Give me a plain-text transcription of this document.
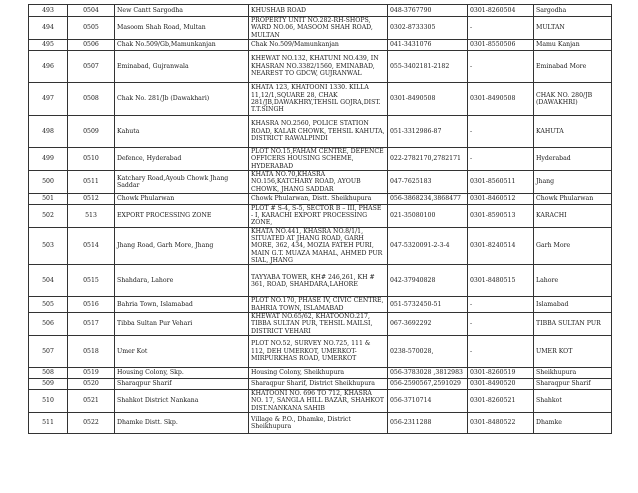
493	0504	New Cantt Sargodha	KHUSHAB ROAD	048-3767790	0301-8260504	Sargodha
494	0505	Masoom Shah Road, Multan	PROPERTY UNIT NO.282-RH-SHOPS, WARD NO.06, MASOOM SHAH ROAD, MULTAN	0302-8733305	-	MULTAN
495	0506	Chak No.509/Gb,Mamunkanjan	Chak No.509/Mamunkanjan	041-3431076	0301-8550506	Mamu Kanjan
496	0507	Eminabad, Gujranwala	KHEWAT NO.132, KHATUNI NO.439, IN KHASRAN NO.3382/1560, EMINABAD, NEAREST TO GDCW, GUJRANWAL	055-3402181-2182	-	Eminabad More
497	0508	Chak No. 281/Jb (Dawakhari)	KHATA 123, KHATOONI 1330. KILLA 11,12/1,SQUARE 28, CHAK 281/JB,DAWAKHRY,TEHSIL GOJRA,DIST. T.T.SINGH	0301-8490508	0301-8490508	CHAK NO. 280/JB (DAWAKHRI)
498	0509	Kahuta	KHASRA NO.2560, POLICE STATION ROAD, KALAR CHOWK, TEHSIL KAHUTA, DISTRICT RAWALPINDI	051-3312986-87	-	KAHUTA
499	0510	Defence, Hyderabad	PLOT NO.15,FAHAM CENTRE, DEFENCE OFFICERS HOUSING SCHEME, HYDERABAD	022-2782170,2782171	-	Hyderabad
500	0511	Katchary Road,Ayoub Chowk Jhang Saddar	KHATA NO.70,KHASRA NO.156,KATCHARY ROAD, AYOUB CHOWK, JHANG SADDAR	047-7625183	0301-8560511	Jhang
501	0512	Chowk Phularwan	Chowk Phularwan, Distt. Sheikhupura	056-3868234,3868477	0301-8460512	Chowk Phularwan
502	513	EXPORT PROCESSING ZONE	PLOT # S-4, S-5, SECTOR B – III, PHASE - I, KARACHI EXPORT PROCESSING ZONE,	021-35080100	0301-8590513	KARACHI
503	0514	Jhang Road, Garh More, Jhang	KHATA NO.441, KHASRA NO.8/1/1, SITUATED AT JHANG ROAD, GARH MORE, 362, 434, MOZIA FATEH PURI, MAIN G.T. MUAZA MAHAL, AHMED PUR SIAL, JHANG	047-5320091-2-3-4	0301-8240514	Garh More
504	0515	Shahdara, Lahore	TAYYABA TOWER, KH# 246,261, KH # 361, ROAD, SHAHDARA,LAHORE	042-37940828	0301-8480515	Lahore
505	0516	Bahria Town, Islamabad	PLOT NO.170, PHASE IV, CIVIC CENTRE, BAHRIA TOWN, ISLAMABAD	051-5732450-51	-	Islamabad
506	0517	Tibba Sultan Pur Vehari	KHEWAT NO.65/62, KHATOONO.217, TIBBA SULTAN PUR, TEHSIL MAILSI, DISTRICT VEHARI	067-3692292	-	TIBBA SULTAN PUR
507	0518	Umer Kot	PLOT NO.52, SURVEY NO.725, 111 & 112, DEH UMERKOT, UMERKOT-MIRPURKHAS ROAD, UMERKOT	0238-570028,	-	UMER KOT
508	0519	Housing Colony, Skp.	Housing Colony, Sheikhupura	056-3783028 ,3812983	0301-8260519	Sheikhupura
509	0520	Sharaqpur Sharif	Sharaqpur Sharif, District Sheikhupura	056-2590567,2591029	0301-8490520	Sharaqpur Sharif
510	0521	Shahkot District Nankana	KHATOONI NO. 696 TO 712, KHASRA NO. 17, SANGLA HILL BAZAR, SHAHKOT DIST.NANKANA SAHIB	056-3710714	0301-8260521	Shahkot
511	0522	Dhamke Distt. Skp.	Village & P.O., Dhamke, District Sheikhupura	056-2311288	0301-8480522	Dhamke
